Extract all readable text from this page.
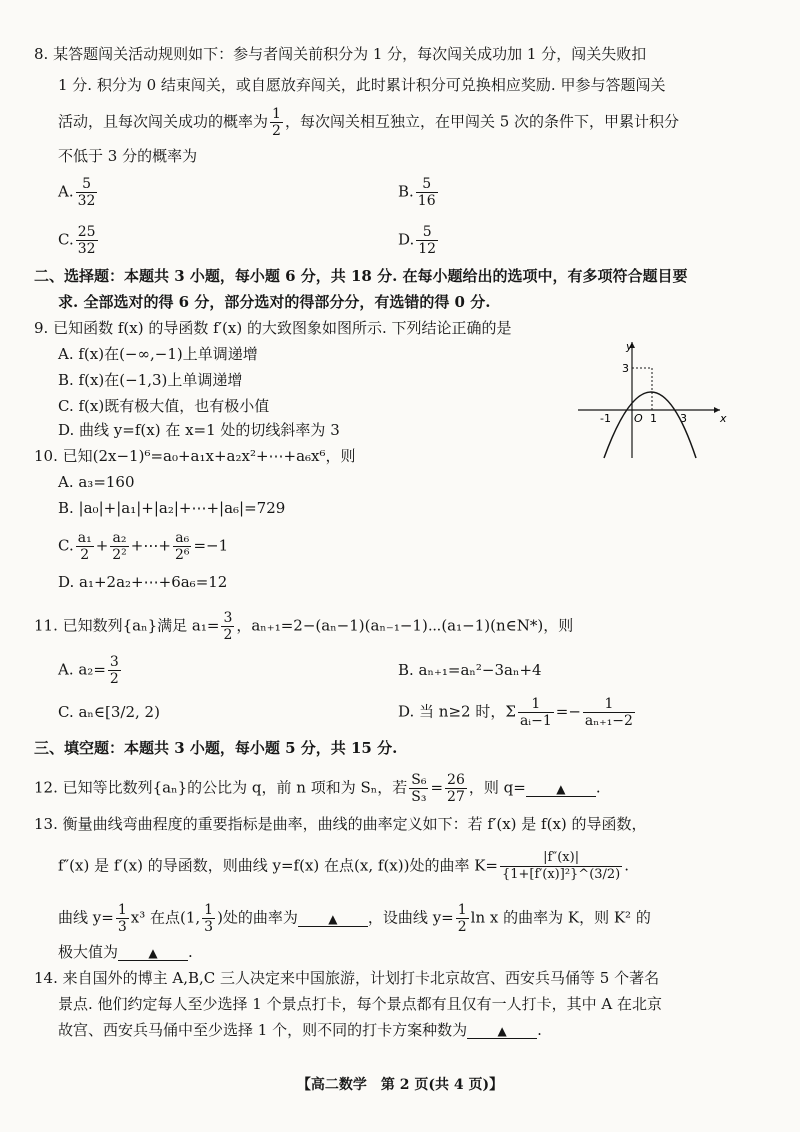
8. 某答题闯关活动规则如下：参与者闯关前积分为 1 分，每次闯关成功加 1 分，闯关失败扣
1 分. 积分为 0 结束闯关，或自愿放弃闯关，此时累计积分可兑换相应奖励. 甲参与答题闯关
活动，且每次闯关成功的概率为 $\frac{1}{2}$ ，每次闯关相互独立，在甲闯关 5 次的条件下，甲累计积分
不低于 3 分的概率为
A. $\frac{5}{32}$	B. $\frac{5}{16}$
C. $\frac{25}{32}$	D. $\frac{5}{12}$
二、选择题：本题共 3 小题，每小题 6 分，共 18 分. 在每小题给出的选项中，有多项符合题目要
求. 全部选对的得 6 分，部分选对的得部分分，有选错的得 0 分.
9. 已知函数 f(x) 的导函数 f′(x) 的大致图象如图所示. 下列结论正确的是
A. f(x)在(−∞,−1)上单调递增
B. f(x)在(−1,3)上单调递增
C. f(x)既有极大值，也有极小值
D. 曲线 y=f(x) 在 x=1 处的切线斜率为 3
y
x
O
-1	1 3
3
10. 已知(2x−1)⁶=a₀+a₁x+a₂x²+⋯+a₆x⁶，则
A. a₃=160
B. |a₀|+|a₁|+|a₂|+⋯+|a₆|=729
C. $\frac{\text{a₁}}{2} + \frac{\text{a₂}}{\text{2²}}$ +⋯+ $\frac{\text{a₆}}{\text{2⁶}} =-1$
D. a₁+2a₂+⋯+6a₆=12
11. 已知数列{aₙ}满足 $a_1= \frac{3}{2}$ ，aₙ₊₁=2−(aₙ−1)(aₙ₋₁−1)⋯(a₁−1)(n∈N*)，则
A. $a_2= \frac{3}{2}$	B. aₙ₊₁=aₙ²−3aₙ+4
C. aₙ∈[3/2, 2)	D. 当 n≥2 时，Σ $\frac{1}{\text{aᵢ−1}} =- \frac{1}{\text{aₙ₊₁−2}}$
三、填空题：本题共 3 小题，每小题 5 分，共 15 分.
12. 已知等比数列{aₙ}的公比为 q，前 n 项和为 Sₙ，若 $\frac{\text{S₆}}{\text{S₃}} = \frac{26}{27}$ ，则 q=	▲ .
13. 衡量曲线弯曲程度的重要指标是曲率，曲线的曲率定义如下：若 f′(x) 是 f(x) 的导函数，
f″(x) 是 f′(x) 的导函数，则曲线 y=f(x) 在点(x, f(x))处的曲率 $K= \frac{|f''(x)|}{\text{\{1+[f′(x)]²\}\textasciicircum{}(3/2)}}$ .
曲线 $y= \frac{1}{3} x^3$ 在点(1, $\frac{1}{3}$ )处的曲率为	▲ ，设曲线 $y= \frac{1}{2}$ ln x 的曲率为 K，则 K² 的
极大值为	▲ .
14. 来自国外的博主 A,B,C 三人决定来中国旅游，计划打卡北京故宫、西安兵马俑等 5 个著名
景点. 他们约定每人至少选择 1 个景点打卡，每个景点都有且仅有一人打卡，其中 A 在北京
故宫、西安兵马俑中至少选择 1 个，则不同的打卡方案种数为	▲ .
【高二数学　第 2 页(共 4 页)】
